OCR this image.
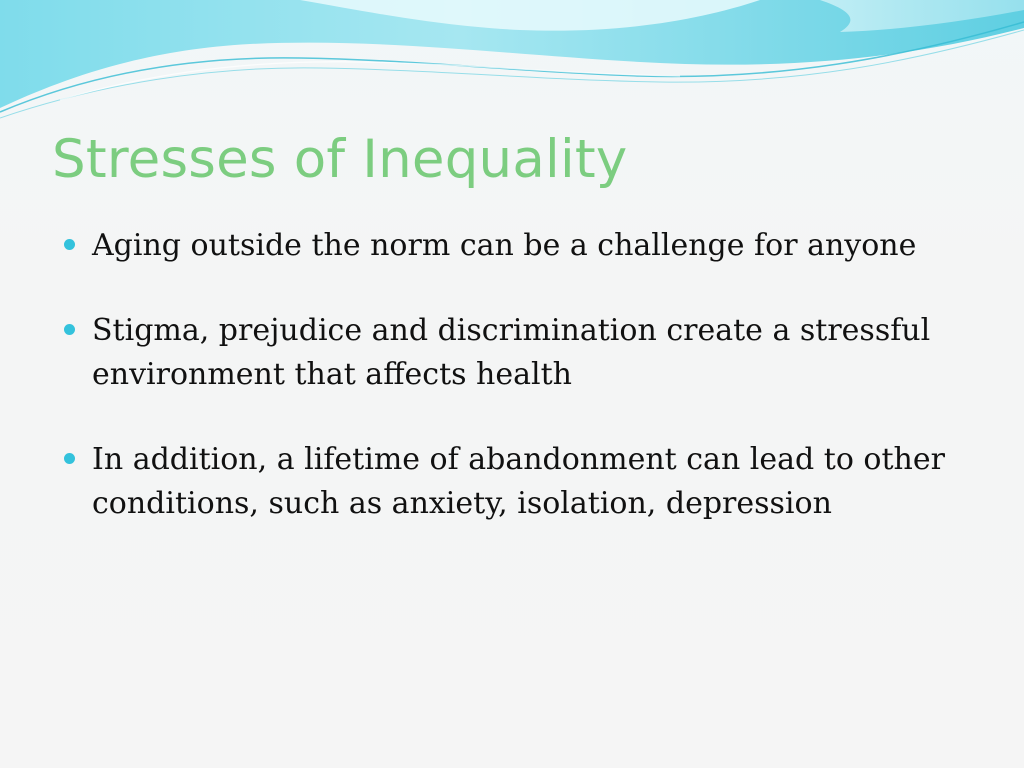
Stresses of Inequality
Aging outside the norm can be a challenge for anyone
Stigma, prejudice and discrimination create a stressful environment that affects health
In addition, a lifetime of abandonment can lead to other conditions, such as anxiety, isolation, depression
